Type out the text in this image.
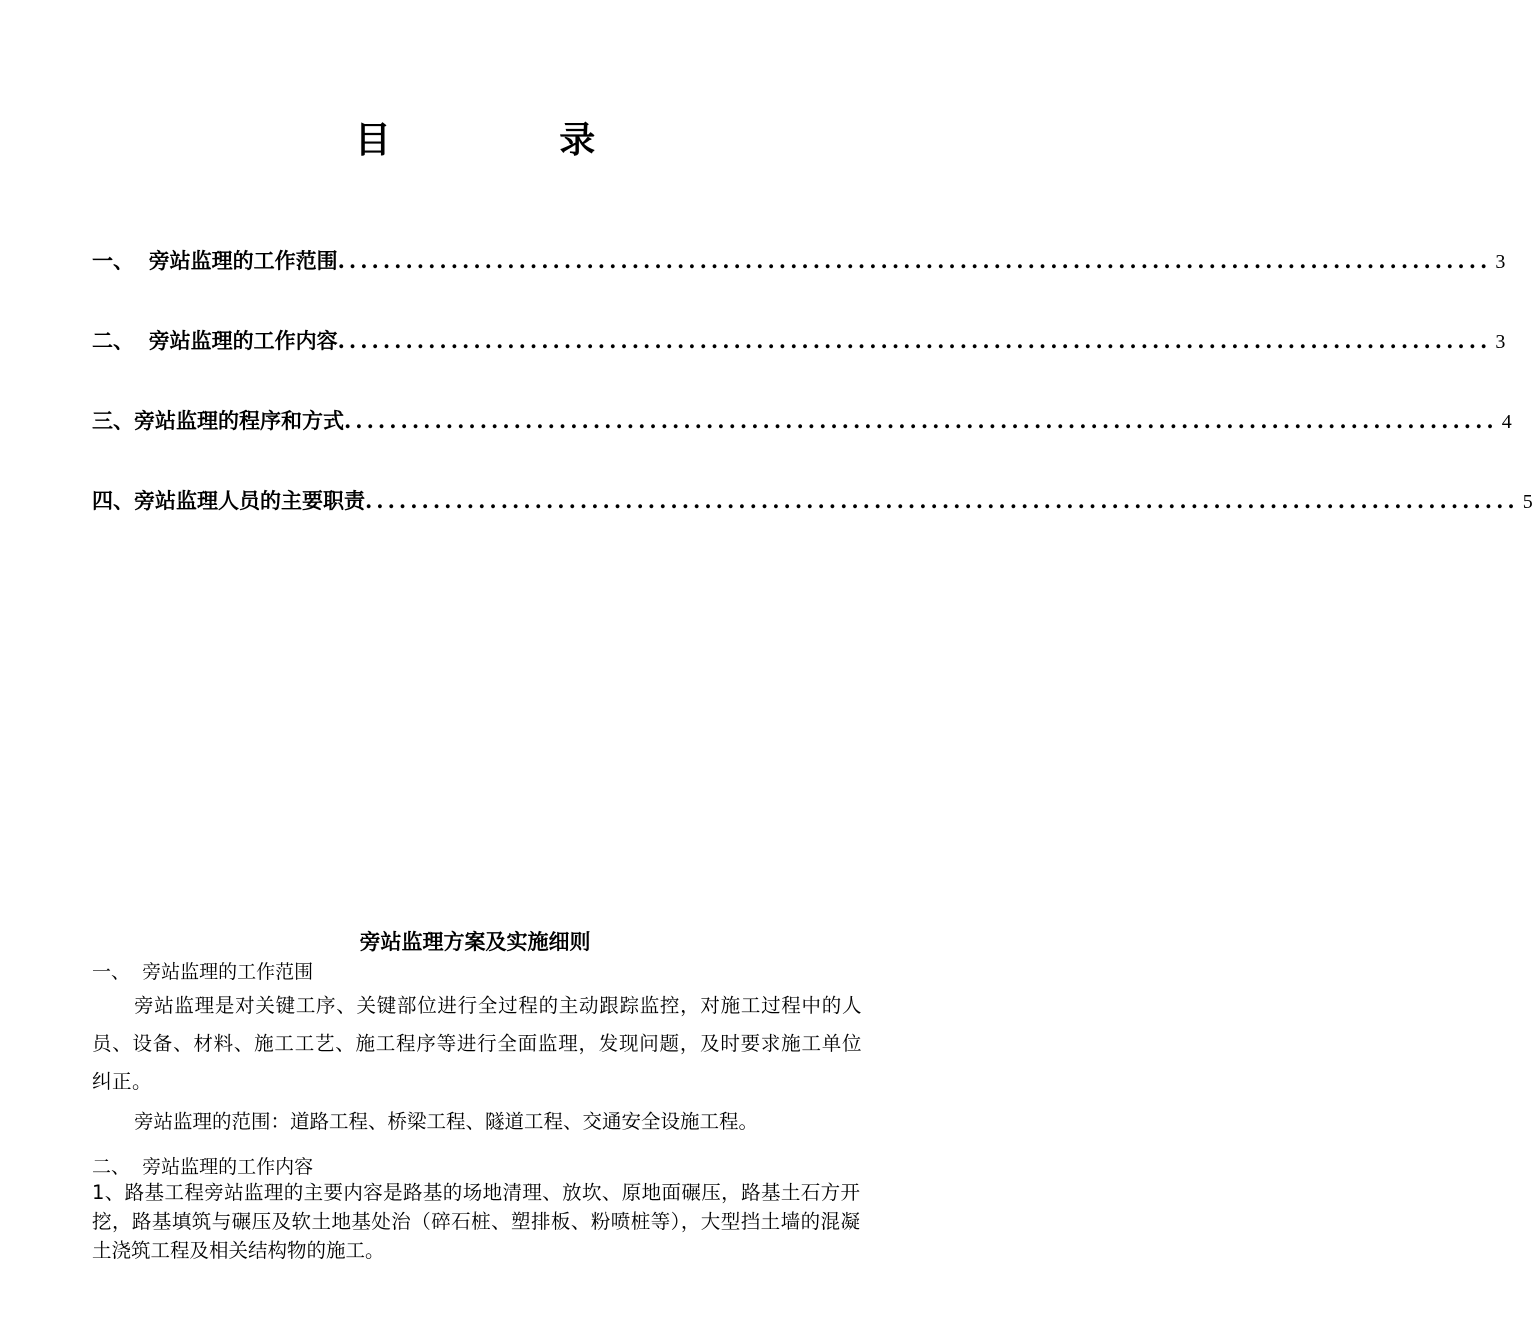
目 录
一、 旁站监理的工作范围 ...................................................................................................... 3
二、 旁站监理的工作内容 ...................................................................................................... 3
三、 旁站监理的程序和方式 ...................................................................................................... 4
四、 旁站监理人员的主要职责 ...................................................................................................... 5
旁站监理方案及实施细则
一、  旁站监理的工作范围
旁站监理是对关键工序、关键部位进行全过程的主动跟踪监控，对施工过程中的人员、设备、材料、施工工艺、施工程序等进行全面监理，发现问题，及时要求施工单位纠正。
旁站监理的范围：道路工程、桥梁工程、隧道工程、交通安全设施工程。
二、  旁站监理的工作内容
1、路基工程旁站监理的主要内容是路基的场地清理、放坎、原地面碾压，路基土石方开挖，路基填筑与碾压及软土地基处治（碎石桩、塑排板、粉喷桩等），大型挡土墙的混凝土浇筑工程及相关结构物的施工。
